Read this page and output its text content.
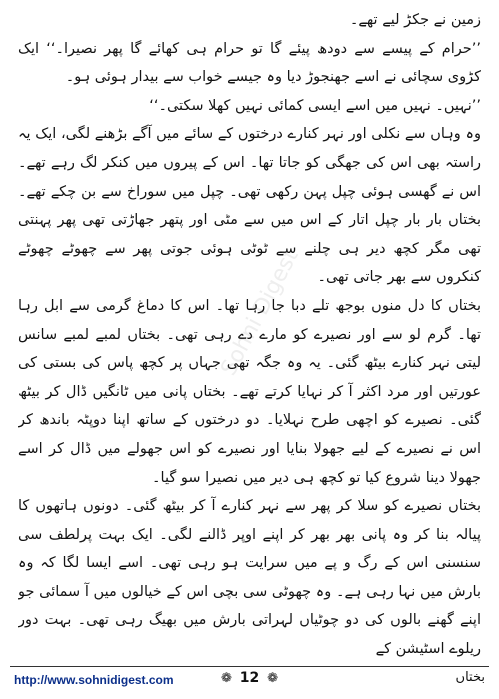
زمین نے جکڑ لیے تھے۔

’’حرام کے پیسے سے دودھ پیئے گا تو حرام ہی کھائے گا پھر نصیرا۔‘‘ ایک کڑوی سچائی نے اسے جھنجوڑ دیا وہ جیسے خواب سے بیدار ہوئی ہو۔

’’نہیں۔ نہیں میں اسے ایسی کمائی نہیں کھلا سکتی۔‘‘

وہ وہاں سے نکلی اور نہر کنارے درختوں کے سائے میں آگے بڑھنے لگی، ایک یہ راستہ بھی اس کی جھگی کو جاتا تھا۔ اس کے پیروں میں کنکر لگ رہے تھے۔ اس نے گھسی ہوئی چپل پہن رکھی تھی۔ چپل میں سوراخ سے بن چکے تھے۔ بختاں بار بار چپل اتار کے اس میں سے مٹی اور پتھر جھاڑتی تھی پھر پہنتی تھی مگر کچھ دیر ہی چلنے سے ٹوٹی ہوئی جوتی پھر سے چھوٹے چھوٹے کنکروں سے بھر جاتی تھی۔

بختاں کا دل منوں بوجھ تلے دبا جا رہا تھا۔ اس کا دماغ گرمی سے ابل رہا تھا۔ گرم لو سے اور نصیرے کو مارے دے رہی تھی۔ بختاں لمبے لمبے سانس لیتی نہر کنارے بیٹھ گئی۔ یہ وہ جگہ تھی جہاں پر کچھ پاس کی بستی کی عورتیں اور مرد اکثر آ کر نہایا کرتے تھے۔ بختاں پانی میں ٹانگیں ڈال کر بیٹھ گئی۔ نصیرے کو اچھی طرح نہلایا۔ دو درختوں کے ساتھ اپنا دوپٹہ باندھ کر اس نے نصیرے کے لیے جھولا بنایا اور نصیرے کو اس جھولے میں ڈال کر اسے جھولا دینا شروع کیا تو کچھ ہی دیر میں نصیرا سو گیا۔

بختاں نصیرے کو سلا کر پھر سے نہر کنارے آ کر بیٹھ گئی۔ دونوں ہاتھوں کا پیالہ بنا کر وہ پانی بھر بھر کر اپنے اوپر ڈالنے لگی۔ ایک بہت پرلطف سی سنسنی اس کے رگ و پے میں سرایت ہو رہی تھی۔ اسے ایسا لگا کہ وہ بارش میں نہا رہی ہے۔ وہ چھوٹی سی بچی اس کے خیالوں میں آ سمائی جو اپنے گھنے بالوں کی دو چوٹیاں لہراتی بارش میں بھیگ رہی تھی۔ بہت دور ریلوے اسٹیشن کے

Sohni Digest
http://www.sohnidigest.com	❁ 12 ❁	بختاں
